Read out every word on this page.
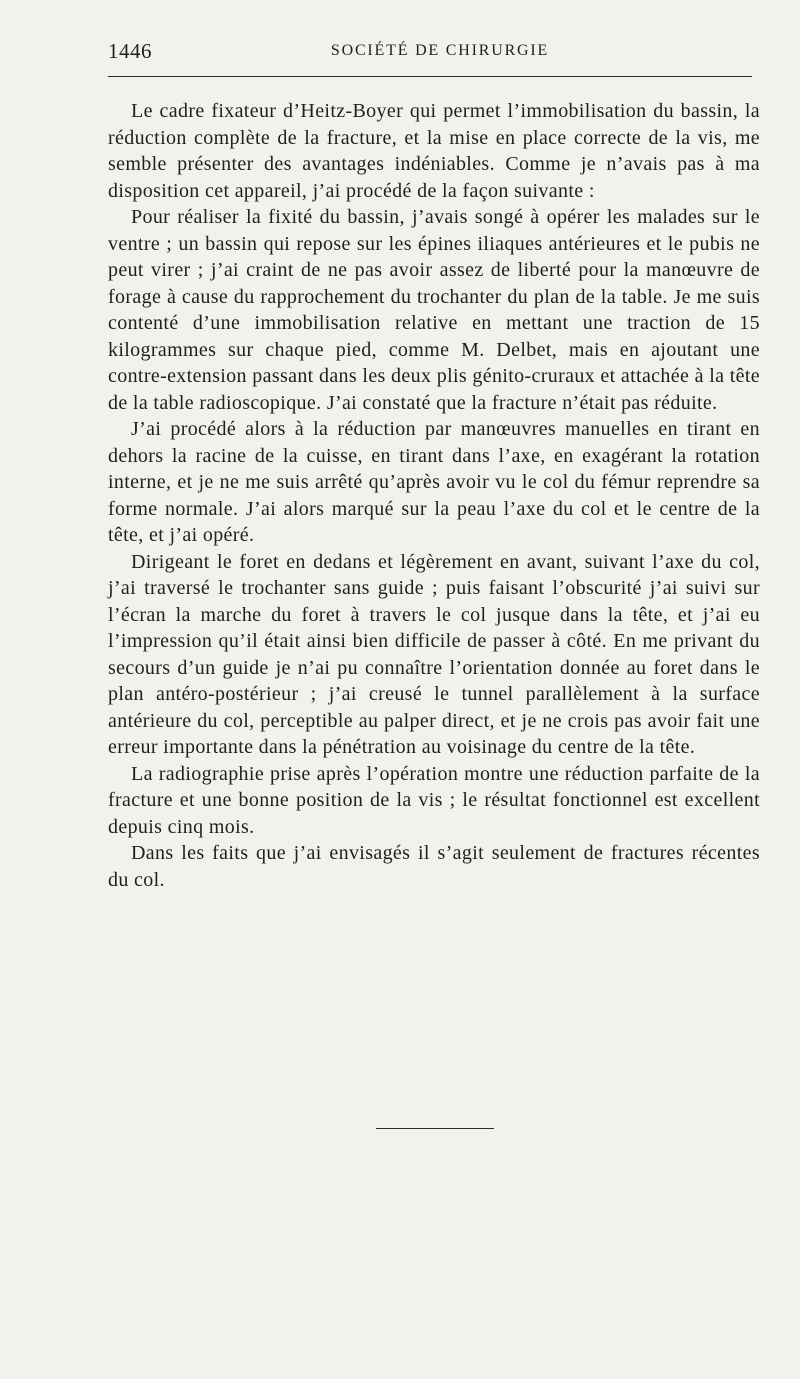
1446	SOCIÉTÉ DE CHIRURGIE

Le cadre fixateur d’Heitz-Boyer qui permet l’immobilisation du bassin, la réduction complète de la fracture, et la mise en place correcte de la vis, me semble présenter des avantages indéniables. Comme je n’avais pas à ma disposition cet appareil, j’ai procédé de la façon suivante :

Pour réaliser la fixité du bassin, j’avais songé à opérer les malades sur le ventre ; un bassin qui repose sur les épines iliaques antérieures et le pubis ne peut virer ; j’ai craint de ne pas avoir assez de liberté pour la manœuvre de forage à cause du rapprochement du trochanter du plan de la table. Je me suis contenté d’une immobilisation relative en mettant une traction de 15 kilogrammes sur chaque pied, comme M. Delbet, mais en ajoutant une contre-extension passant dans les deux plis génito-cruraux et attachée à la tête de la table radioscopique. J’ai constaté que la fracture n’était pas réduite.

J’ai procédé alors à la réduction par manœuvres manuelles en tirant en dehors la racine de la cuisse, en tirant dans l’axe, en exagérant la rotation interne, et je ne me suis arrêté qu’après avoir vu le col du fémur reprendre sa forme normale. J’ai alors marqué sur la peau l’axe du col et le centre de la tête, et j’ai opéré.

Dirigeant le foret en dedans et légèrement en avant, suivant l’axe du col, j’ai traversé le trochanter sans guide ; puis faisant l’obscurité j’ai suivi sur l’écran la marche du foret à travers le col jusque dans la tête, et j’ai eu l’impression qu’il était ainsi bien difficile de passer à côté. En me privant du secours d’un guide je n’ai pu connaître l’orientation donnée au foret dans le plan antéro-postérieur ; j’ai creusé le tunnel parallèlement à la surface antérieure du col, perceptible au palper direct, et je ne crois pas avoir fait une erreur importante dans la pénétration au voisinage du centre de la tête.

La radiographie prise après l’opération montre une réduction parfaite de la fracture et une bonne position de la vis ; le résultat fonctionnel est excellent depuis cinq mois.

Dans les faits que j’ai envisagés il s’agit seulement de fractures récentes du col.
